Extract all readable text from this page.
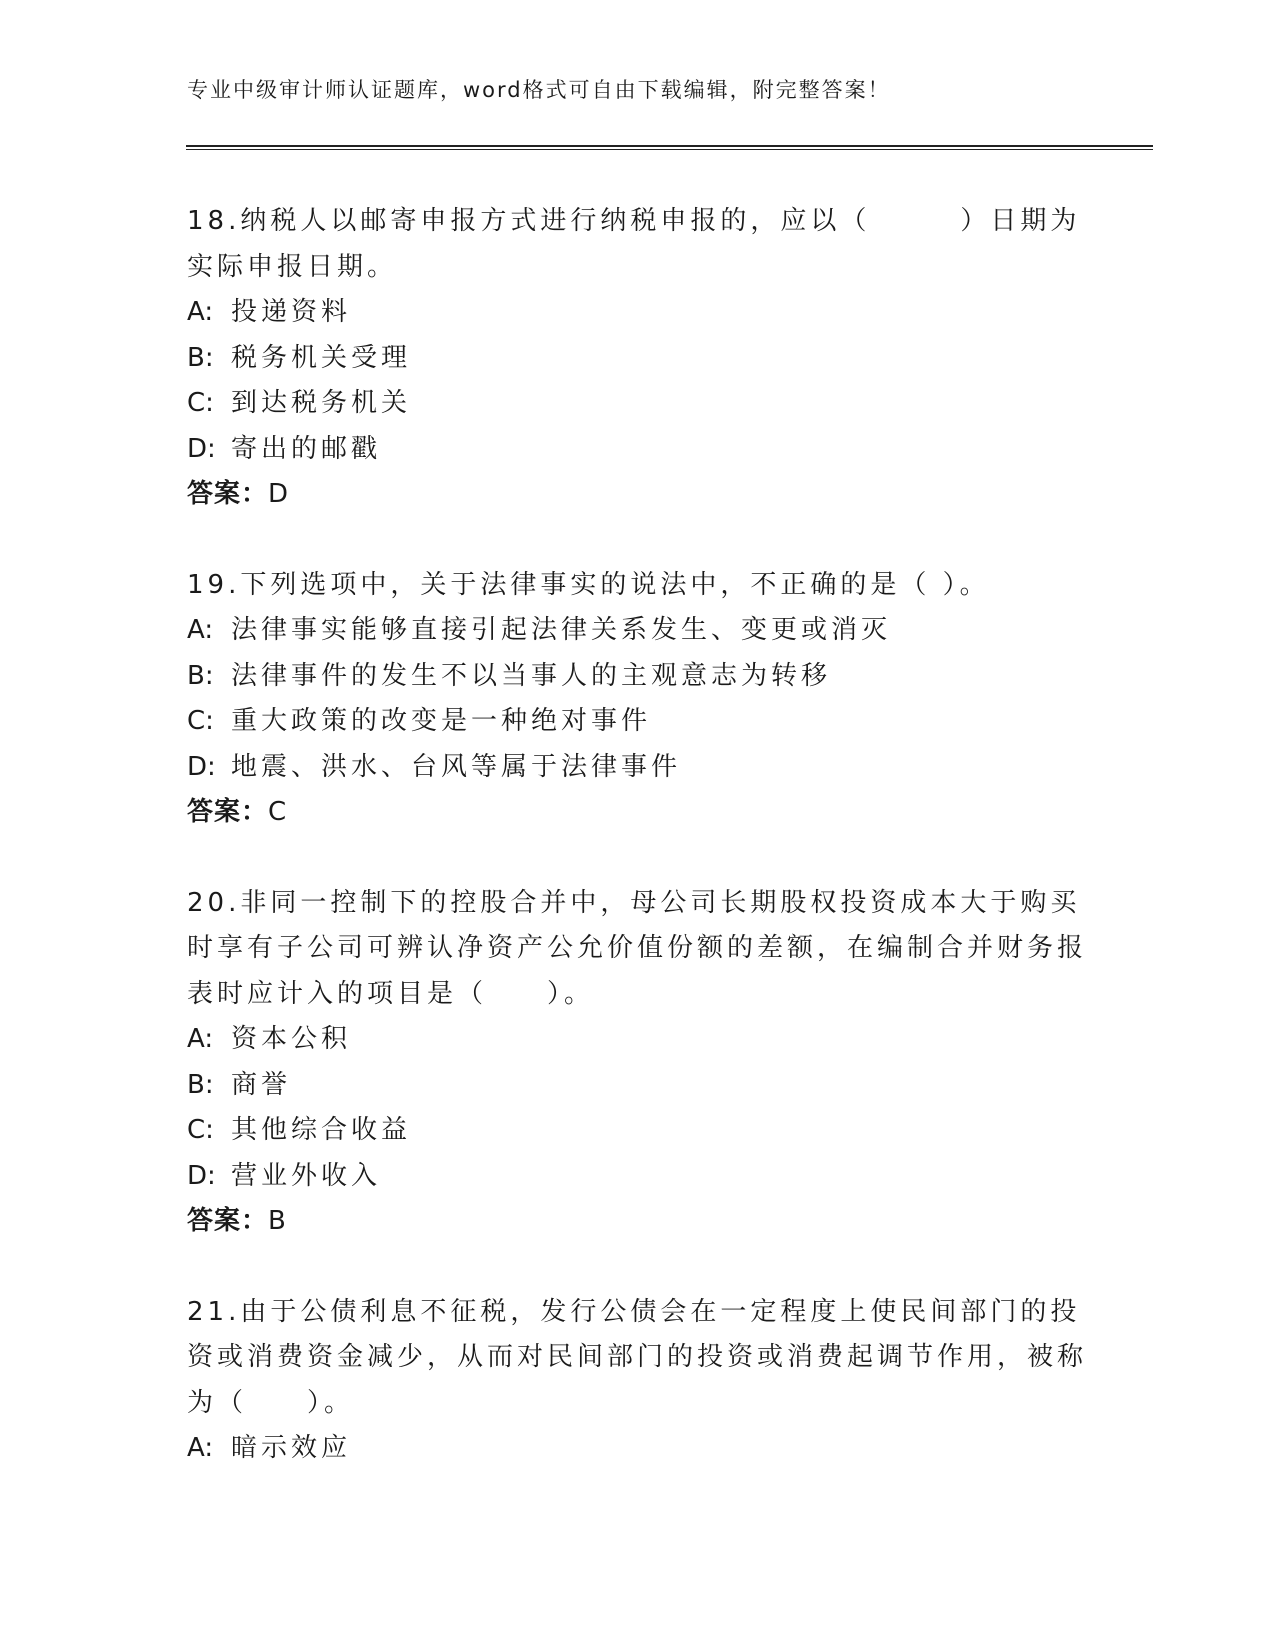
专业中级审计师认证题库，word格式可自由下载编辑，附完整答案！

18.纳税人以邮寄申报方式进行纳税申报的，应以（　　　）日期为实际申报日期。

A: 投递资料
B: 税务机关受理
C: 到达税务机关
D: 寄出的邮戳
答案：D

19.下列选项中，关于法律事实的说法中，不正确的是（ ）。

A: 法律事实能够直接引起法律关系发生、变更或消灭
B: 法律事件的发生不以当事人的主观意志为转移
C: 重大政策的改变是一种绝对事件
D: 地震、洪水、台风等属于法律事件
答案：C

20.非同一控制下的控股合并中，母公司长期股权投资成本大于购买时享有子公司可辨认净资产公允价值份额的差额，在编制合并财务报表时应计入的项目是（　　）。

A: 资本公积
B: 商誉
C: 其他综合收益
D: 营业外收入
答案：B

21.由于公债利息不征税，发行公债会在一定程度上使民间部门的投资或消费资金减少，从而对民间部门的投资或消费起调节作用，被称为（　　）。

A: 暗示效应
